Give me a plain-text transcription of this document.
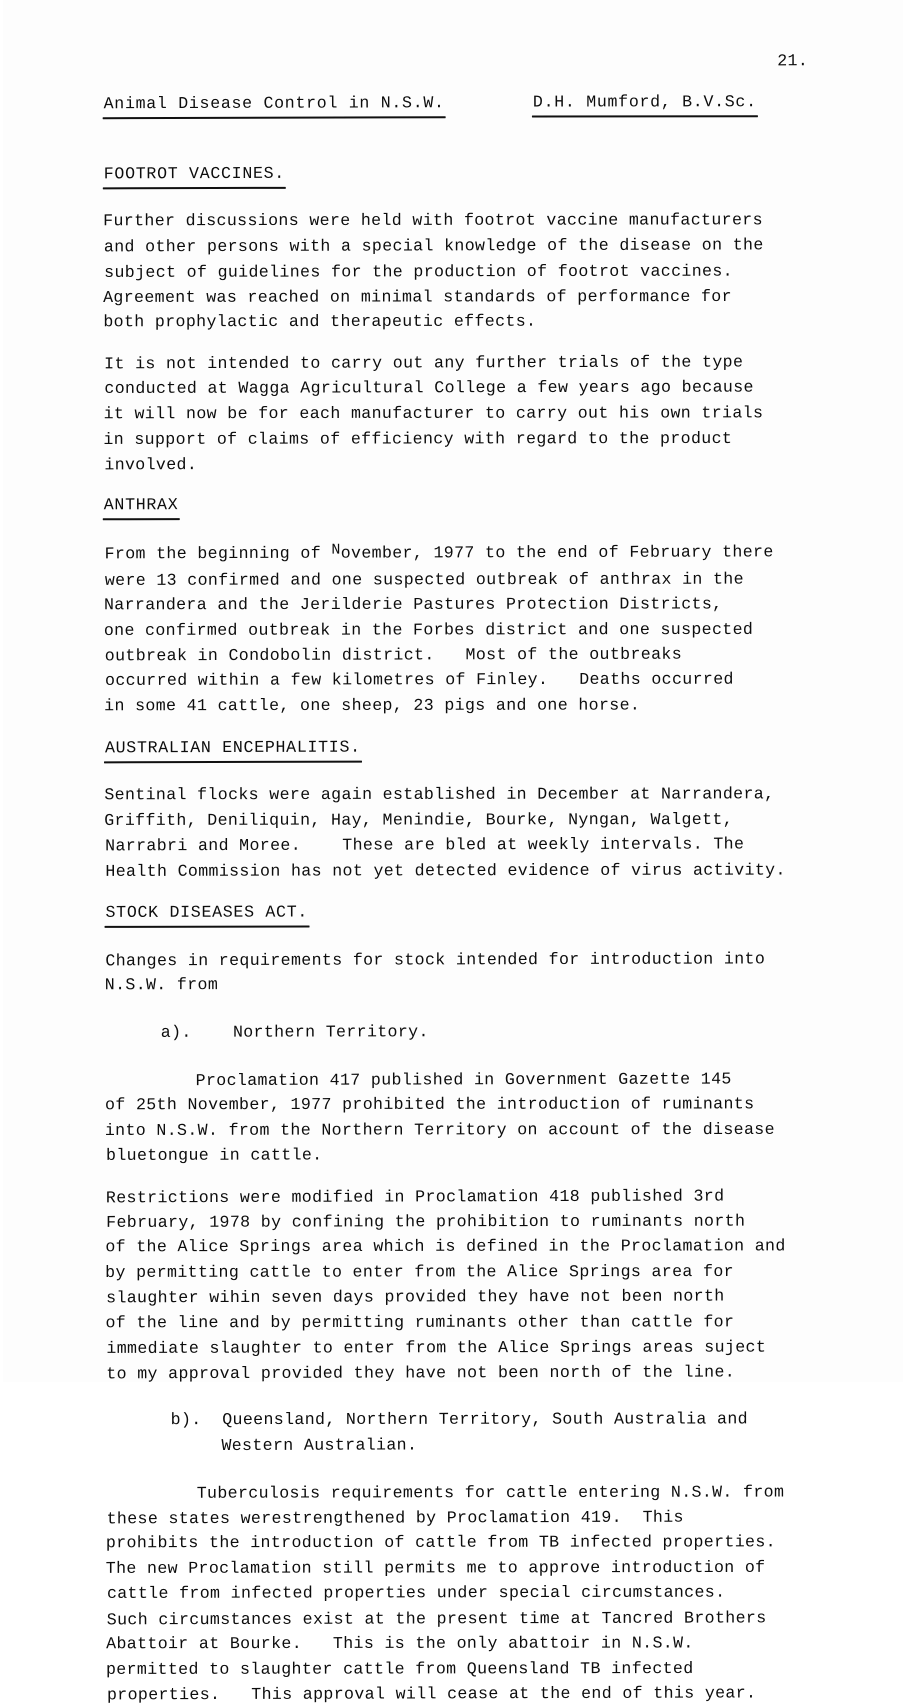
21.
Animal Disease Control in N.S.W.	D.H. Mumford, B.V.Sc.
FOOTROT VACCINES.
Further discussions were held with footrot vaccine manufacturers
and other persons with a special knowledge of the disease on the
subject of guidelines for the production of footrot vaccines.
Agreement was reached on minimal standards of performance for
both prophylactic and therapeutic effects.
It is not intended to carry out any further trials of the type
conducted at Wagga Agricultural College a few years ago because
it will now be for each manufacturer to carry out his own trials
in support of claims of efficiency with regard to the product
involved.
ANTHRAX
From the beginning of November, 1977 to the end of February there
were 13 confirmed and one suspected outbreak of anthrax in the
Narrandera and the Jerilderie Pastures Protection Districts,
one confirmed outbreak in the Forbes district and one suspected
outbreak in Condobolin district.   Most of the outbreaks
occurred within a few kilometres of Finley.   Deaths occurred
in some 41 cattle, one sheep, 23 pigs and one horse.
AUSTRALIAN ENCEPHALITIS.
Sentinal flocks were again established in December at Narrandera,
Griffith, Deniliquin, Hay, Menindie, Bourke, Nyngan, Walgett,
Narrabri and Moree.    These are bled at weekly intervals. The
Health Commission has not yet detected evidence of virus activity.
STOCK DISEASES ACT.
Changes in requirements for stock intended for introduction into
N.S.W. from
a). Northern Territory.
Proclamation 417 published in Government Gazette 145
of 25th November, 1977 prohibited the introduction of ruminants
into N.S.W. from the Northern Territory on account of the disease
bluetongue in cattle.
Restrictions were modified in Proclamation 418 published 3rd
February, 1978 by confining the prohibition to ruminants north
of the Alice Springs area which is defined in the Proclamation and
by permitting cattle to enter from the Alice Springs area for
slaughter wihin seven days provided they have not been north
of the line and by permitting ruminants other than cattle for
immediate slaughter to enter from the Alice Springs areas suject
to my approval provided they have not been north of the line.
b). Queensland, Northern Territory, South Australia and
Western Australian.
Tuberculosis requirements for cattle entering N.S.W. from
these states werestrengthened by Proclamation 419.  This
prohibits the introduction of cattle from TB infected properties.
The new Proclamation still permits me to approve introduction of
cattle from infected properties under special circumstances.
Such circumstances exist at the present time at Tancred Brothers
Abattoir at Bourke.   This is the only abattoir in N.S.W.
permitted to slaughter cattle from Queensland TB infected
properties.   This approval will cease at the end of this year.
